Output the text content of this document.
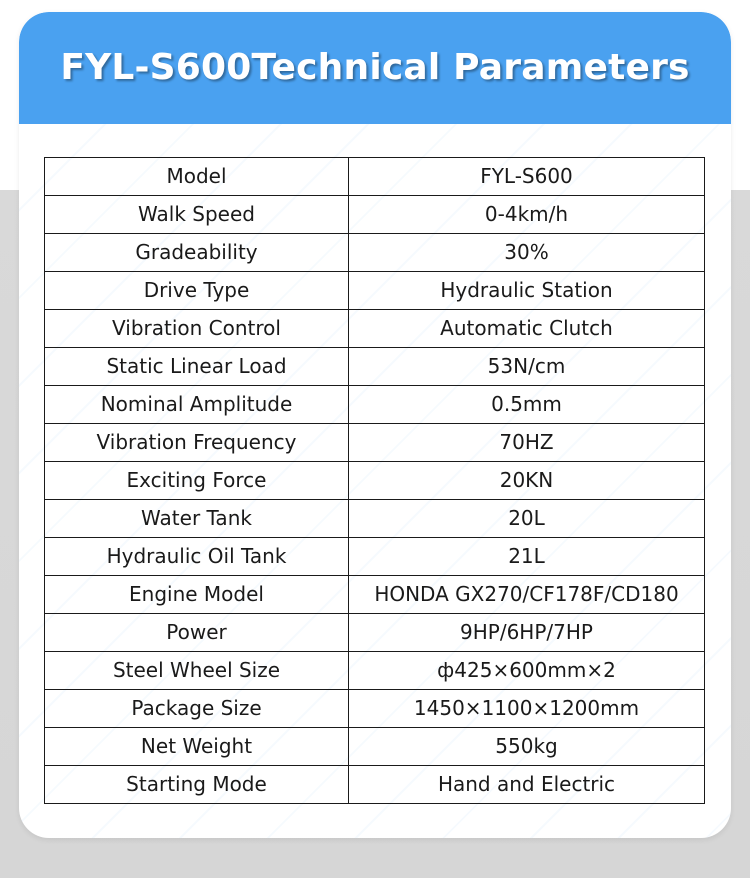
FYL-S600Technical Parameters
Model	FYL-S600
Walk Speed	0-4km/h
Gradeability	30%
Drive Type	Hydraulic Station
Vibration Control	Automatic Clutch
Static Linear Load	53N/cm
Nominal Amplitude	0.5mm
Vibration Frequency	70HZ
Exciting Force	20KN
Water Tank	20L
Hydraulic Oil Tank	21L
Engine Model	HONDA GX270/CF178F/CD180
Power	9HP/6HP/7HP
Steel Wheel Size	ф425×600mm×2
Package Size	1450×1100×1200mm
Net Weight	550kg
Starting Mode	Hand and Electric
